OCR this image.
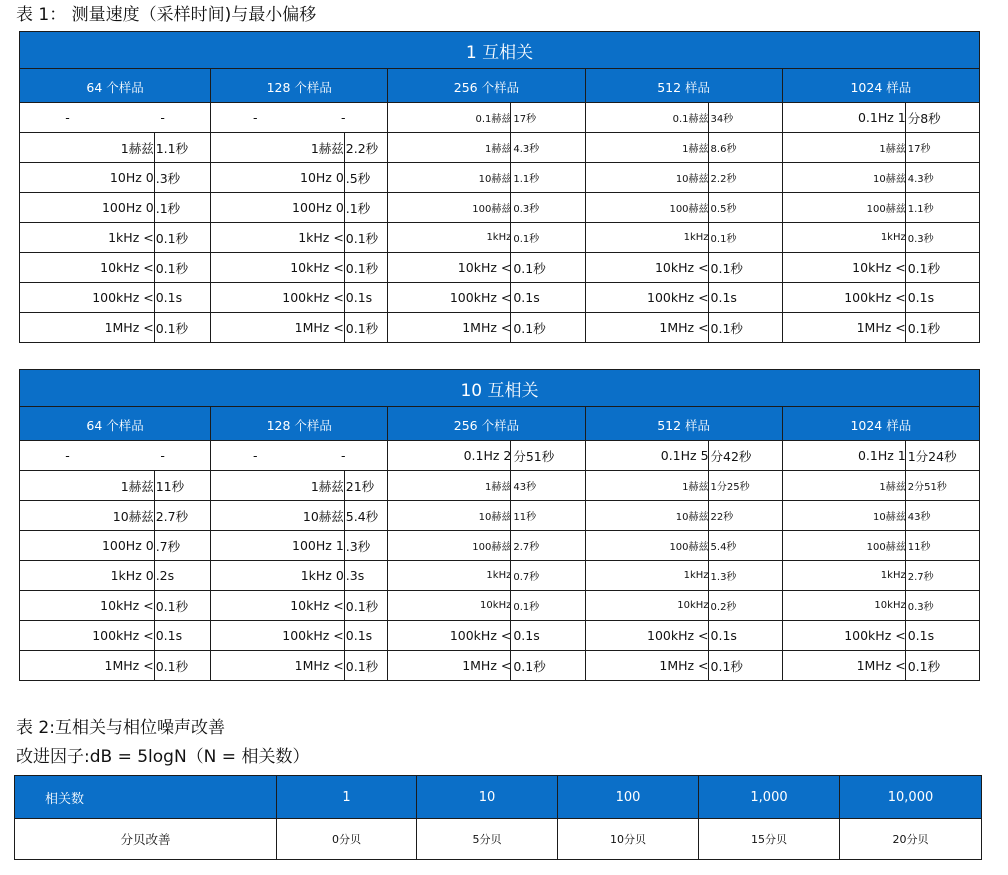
表 1： 测量速度（采样时间)与最小偏移
1 互相关				
64 个样品	128 个样品	256 个样品	512 样品	1024 样品

- -	- -	0.1赫兹 17秒	0.1赫兹 34秒	0.1Hz 1 分8秒

1赫兹 1.1秒	1赫兹 2.2秒	1赫兹 4.3秒	1赫兹 8.6秒	1赫兹 17秒

10Hz 0 .3秒	10Hz 0 .5秒	10赫兹 1.1秒	10赫兹 2.2秒	10赫兹 4.3秒

100Hz 0 .1秒	100Hz 0 .1秒	100赫兹 0.3秒	100赫兹 0.5秒	100赫兹 1.1秒

1kHz < 0.1秒	1kHz < 0.1秒	1kHz 0.1秒	1kHz 0.1秒	1kHz 0.3秒

10kHz < 0.1秒	10kHz < 0.1秒	10kHz < 0.1秒	10kHz < 0.1秒	10kHz < 0.1秒

100kHz < 0.1s	100kHz < 0.1s	100kHz < 0.1s	100kHz < 0.1s	100kHz < 0.1s

1MHz < 0.1秒	1MHz < 0.1秒	1MHz < 0.1秒	1MHz < 0.1秒	1MHz < 0.1秒
10 互相关				
64 个样品	128 个样品	256 个样品	512 样品	1024 样品

- -	- -	0.1Hz 2 分51秒	0.1Hz 5 分42秒	0.1Hz 1 1分24秒

1赫兹 11秒	1赫兹 21秒	1赫兹 43秒	1赫兹 1分25秒	1赫兹 2分51秒

10赫兹 2.7秒	10赫兹 5.4秒	10赫兹 11秒	10赫兹 22秒	10赫兹 43秒

100Hz 0 .7秒	100Hz 1 .3秒	100赫兹 2.7秒	100赫兹 5.4秒	100赫兹 11秒

1kHz 0 .2s	1kHz 0 .3s	1kHz 0.7秒	1kHz 1.3秒	1kHz 2.7秒

10kHz < 0.1秒	10kHz < 0.1秒	10kHz 0.1秒	10kHz 0.2秒	10kHz 0.3秒

100kHz < 0.1s	100kHz < 0.1s	100kHz < 0.1s	100kHz < 0.1s	100kHz < 0.1s

1MHz < 0.1秒	1MHz < 0.1秒	1MHz < 0.1秒	1MHz < 0.1秒	1MHz < 0.1秒
表 2:互相关与相位噪声改善
改进因子:dB = 5logN（N = 相关数）
相关数	1	10	100	1,000	10,000
分贝改善	0分贝	5分贝	10分贝	15分贝	20分贝
